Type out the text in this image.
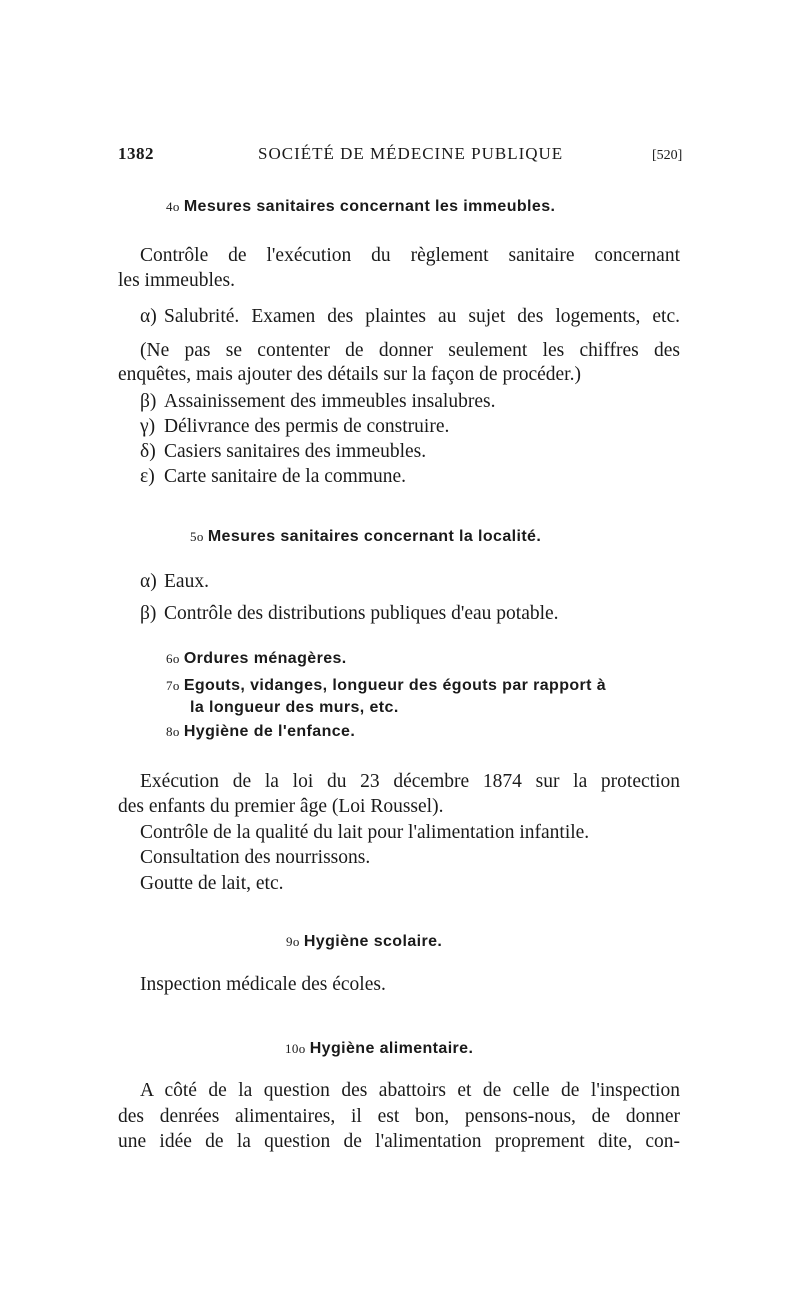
1382	SOCIÉTÉ DE MÉDECINE PUBLIQUE	[520]
4o Mesures sanitaires concernant les immeubles.
Contrôle de l'exécution du règlement sanitaire concernant
les immeubles.
α) Salubrité. Examen des plaintes au sujet des logements, etc.
(Ne pas se contenter de donner seulement les chiffres des
enquêtes, mais ajouter des détails sur la façon de procéder.)
β) Assainissement des immeubles insalubres.
γ) Délivrance des permis de construire.
δ) Casiers sanitaires des immeubles.
ε) Carte sanitaire de la commune.
5o Mesures sanitaires concernant la localité.
α) Eaux.
β) Contrôle des distributions publiques d'eau potable.
6o Ordures ménagères.
7o Egouts, vidanges, longueur des égouts par rapport à
la longueur des murs, etc.
8o Hygiène de l'enfance.
Exécution de la loi du 23 décembre 1874 sur la protection
des enfants du premier âge (Loi Roussel).
Contrôle de la qualité du lait pour l'alimentation infantile.
Consultation des nourrissons.
Goutte de lait, etc.
9o Hygiène scolaire.
Inspection médicale des écoles.
10o Hygiène alimentaire.
A côté de la question des abattoirs et de celle de l'inspection
des denrées alimentaires, il est bon, pensons-nous, de donner
une idée de la question de l'alimentation proprement dite, con-
